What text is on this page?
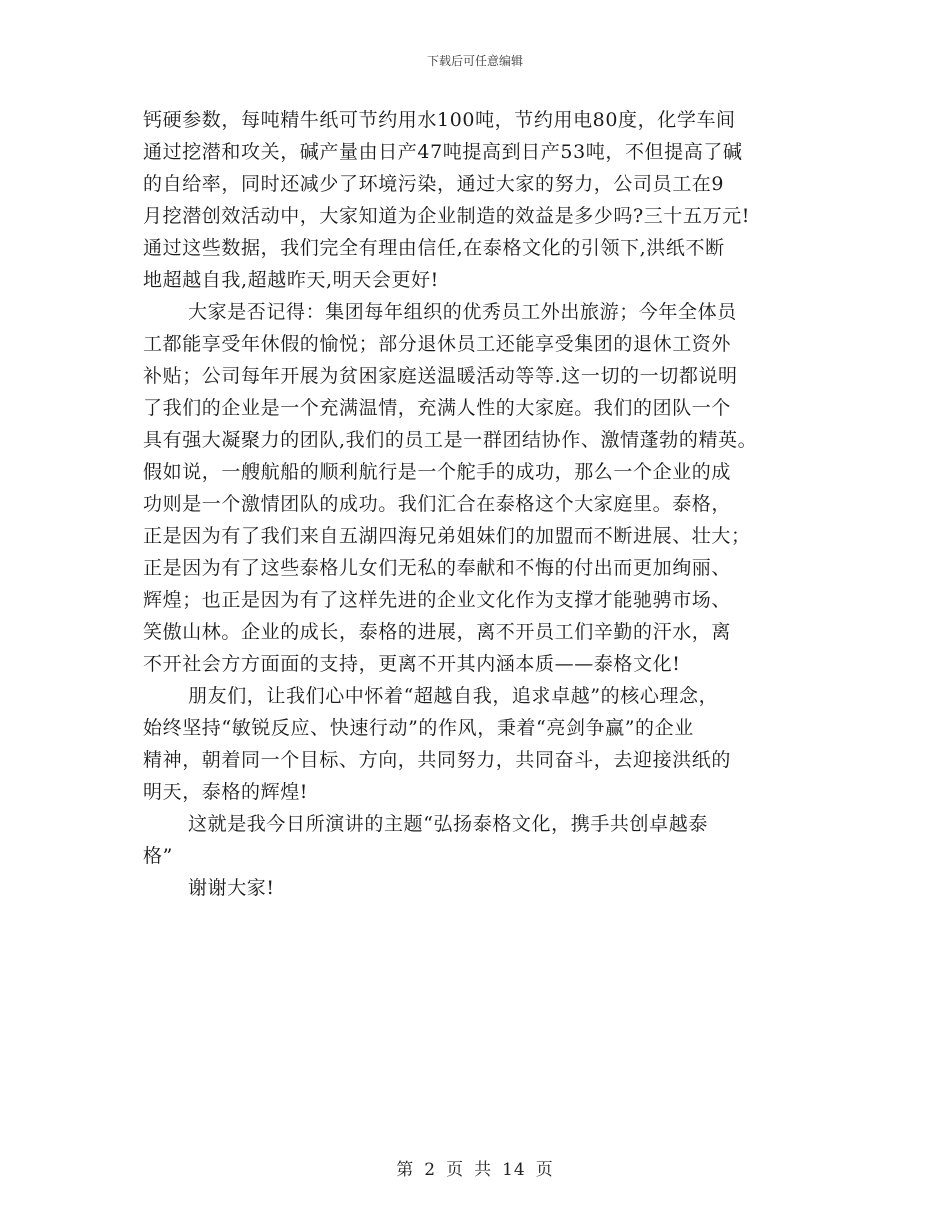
下载后可任意编辑
钙硬参数，每吨精牛纸可节约用水100吨，节约用电80度，化学车间
通过挖潜和攻关，碱产量由日产47吨提高到日产53吨，不但提高了碱
的自给率，同时还减少了环境污染，通过大家的努力，公司员工在9
月挖潜创效活动中，大家知道为企业制造的效益是多少吗?三十五万元!
通过这些数据，我们完全有理由信任,在泰格文化的引领下,洪纸不断
地超越自我,超越昨天,明天会更好!
大家是否记得：集团每年组织的优秀员工外出旅游；今年全体员
工都能享受年休假的愉悦；部分退休员工还能享受集团的退休工资外
补贴；公司每年开展为贫困家庭送温暖活动等等.这一切的一切都说明
了我们的企业是一个充满温情，充满人性的大家庭。我们的团队一个
具有强大凝聚力的团队,我们的员工是一群团结协作、激情蓬勃的精英。
假如说，一艘航船的顺利航行是一个舵手的成功，那么一个企业的成
功则是一个激情团队的成功。我们汇合在泰格这个大家庭里。泰格，
正是因为有了我们来自五湖四海兄弟姐妹们的加盟而不断进展、壮大；
正是因为有了这些泰格儿女们无私的奉献和不悔的付出而更加绚丽、
辉煌；也正是因为有了这样先进的企业文化作为支撑才能驰骋市场、
笑傲山林。企业的成长，泰格的进展，离不开员工们辛勤的汗水，离
不开社会方方面面的支持，更离不开其内涵本质——泰格文化!
朋友们，让我们心中怀着“超越自我，追求卓越”的核心理念，
始终坚持“敏锐反应、快速行动”的作风，秉着“亮剑争赢”的企业
精神，朝着同一个目标、方向，共同努力，共同奋斗，去迎接洪纸的
明天，泰格的辉煌!
这就是我今日所演讲的主题“弘扬泰格文化，携手共创卓越泰
格”
谢谢大家!
第 2 页 共 14 页
